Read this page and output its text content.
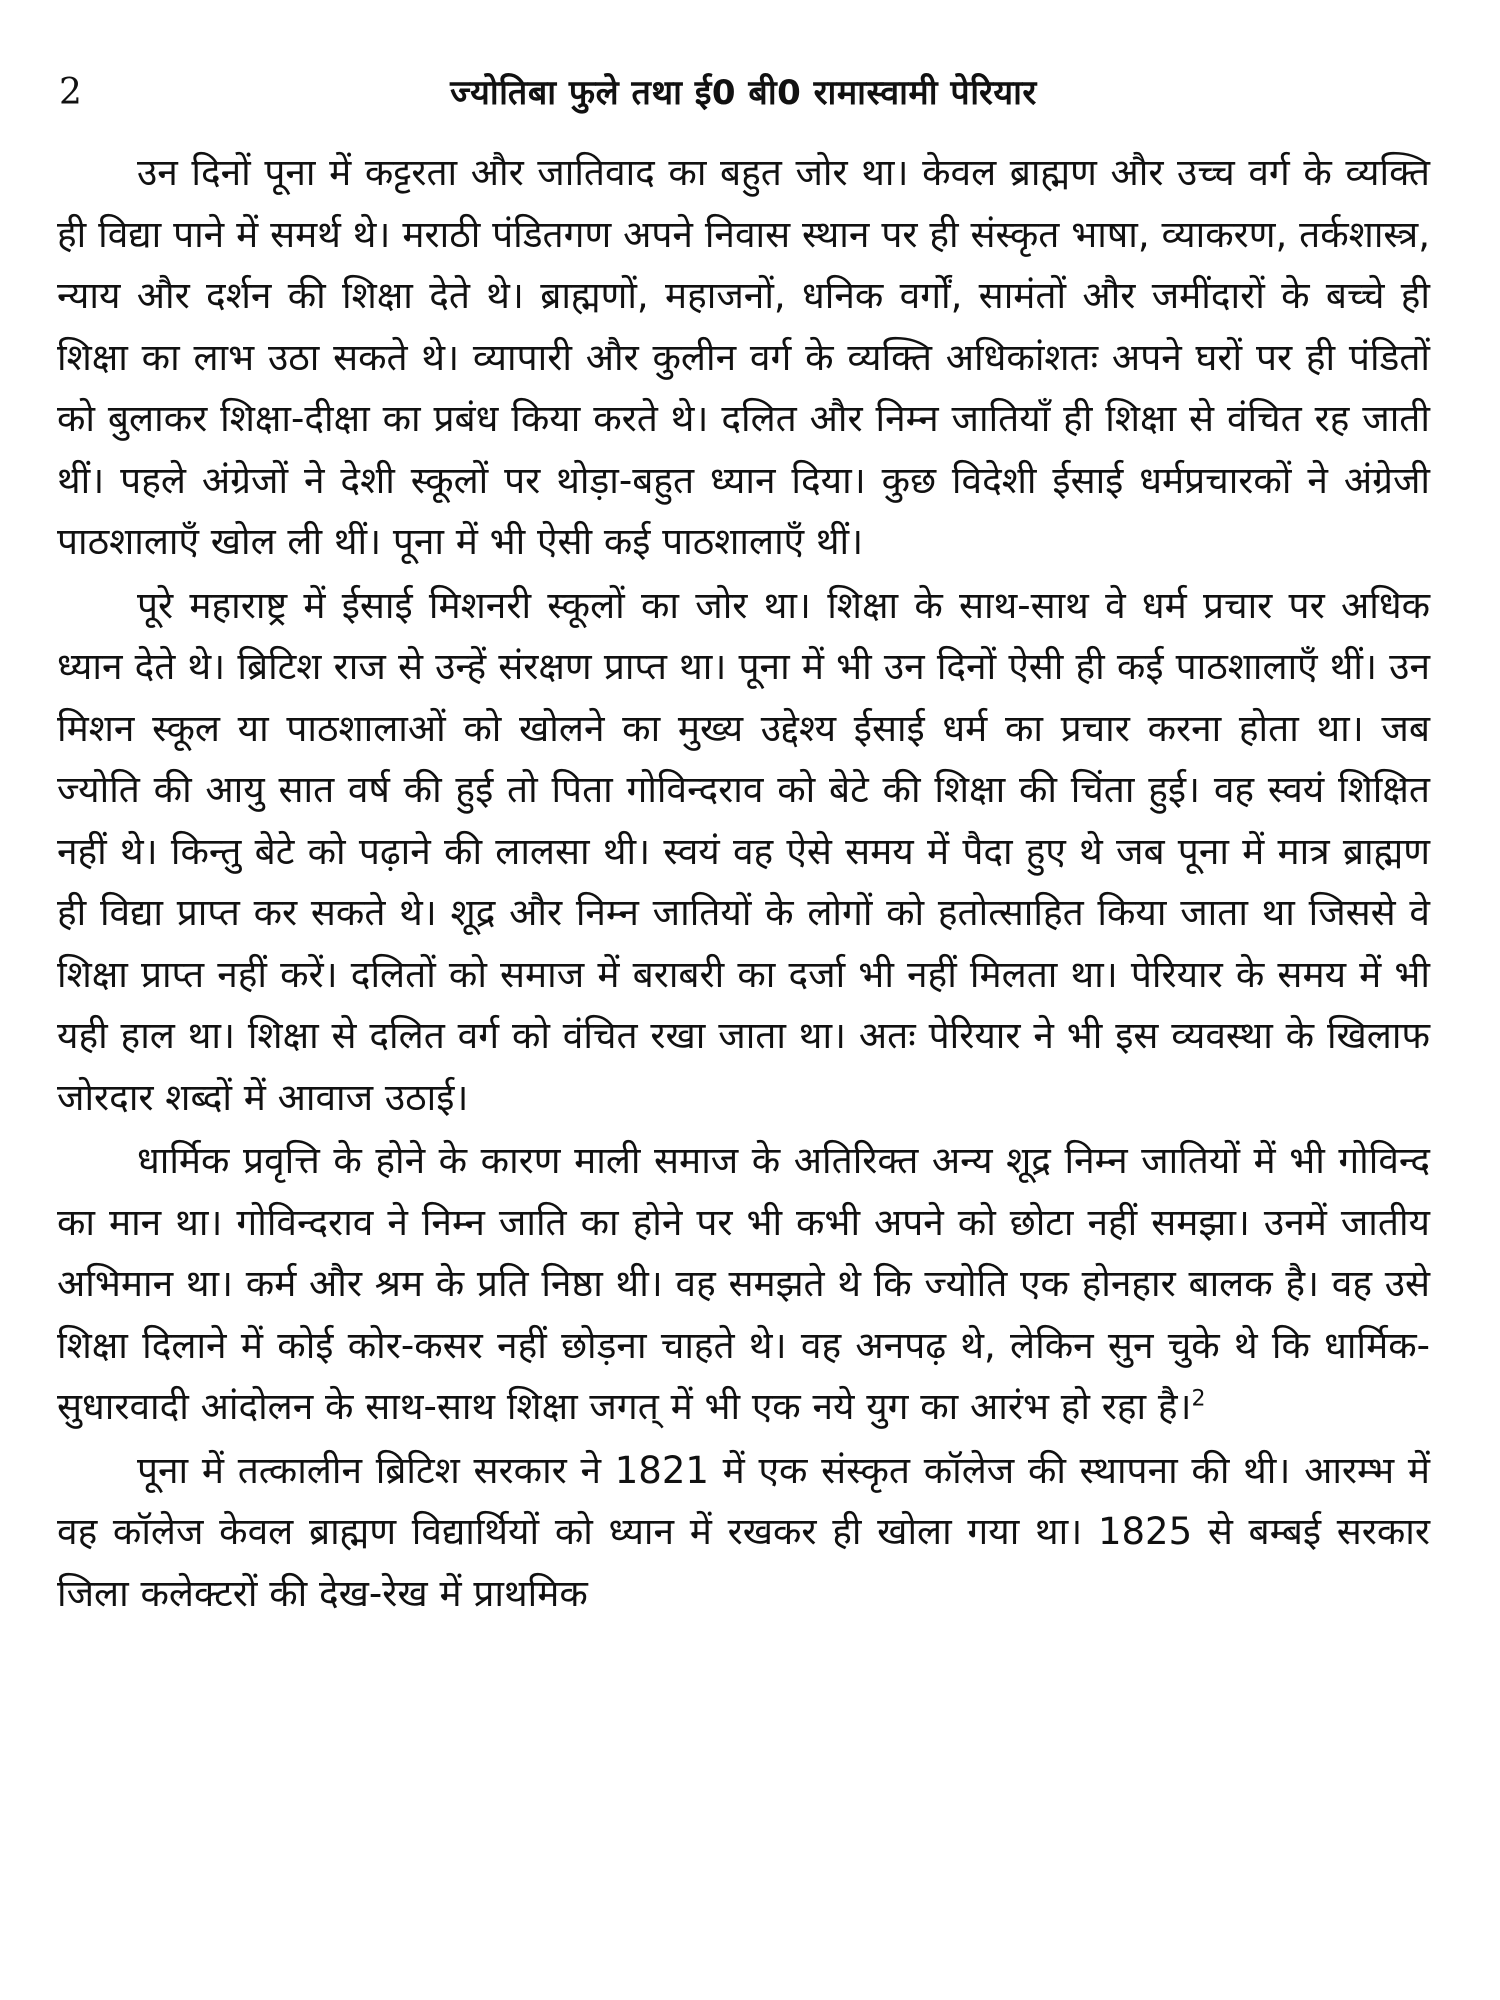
2	ज्योतिबा फुले तथा ई0 बी0 रामास्वामी पेरियार

उन दिनों पूना में कट्टरता और जातिवाद का बहुत जोर था। केवल ब्राह्मण और उच्च वर्ग के व्यक्ति ही विद्या पाने में समर्थ थे। मराठी पंडितगण अपने निवास स्थान पर ही संस्कृत भाषा, व्याकरण, तर्कशास्त्र, न्याय और दर्शन की शिक्षा देते थे। ब्राह्मणों, महाजनों, धनिक वर्गों, सामंतों और जमींदारों के बच्चे ही शिक्षा का लाभ उठा सकते थे। व्यापारी और कुलीन वर्ग के व्यक्ति अधिकांशतः अपने घरों पर ही पंडितों को बुलाकर शिक्षा-दीक्षा का प्रबंध किया करते थे। दलित और निम्न जातियाँ ही शिक्षा से वंचित रह जाती थीं। पहले अंग्रेजों ने देशी स्कूलों पर थोड़ा-बहुत ध्यान दिया। कुछ विदेशी ईसाई धर्मप्रचारकों ने अंग्रेजी पाठशालाएँ खोल ली थीं। पूना में भी ऐसी कई पाठशालाएँ थीं।

पूरे महाराष्ट्र में ईसाई मिशनरी स्कूलों का जोर था। शिक्षा के साथ-साथ वे धर्म प्रचार पर अधिक ध्यान देते थे। ब्रिटिश राज से उन्हें संरक्षण प्राप्त था। पूना में भी उन दिनों ऐसी ही कई पाठशालाएँ थीं। उन मिशन स्कूल या पाठशालाओं को खोलने का मुख्य उद्देश्य ईसाई धर्म का प्रचार करना होता था। जब ज्योति की आयु सात वर्ष की हुई तो पिता गोविन्दराव को बेटे की शिक्षा की चिंता हुई। वह स्वयं शिक्षित नहीं थे। किन्तु बेटे को पढ़ाने की लालसा थी। स्वयं वह ऐसे समय में पैदा हुए थे जब पूना में मात्र ब्राह्मण ही विद्या प्राप्त कर सकते थे। शूद्र और निम्न जातियों के लोगों को हतोत्साहित किया जाता था जिससे वे शिक्षा प्राप्त नहीं करें। दलितों को समाज में बराबरी का दर्जा भी नहीं मिलता था। पेरियार के समय में भी यही हाल था। शिक्षा से दलित वर्ग को वंचित रखा जाता था। अतः पेरियार ने भी इस व्यवस्था के खिलाफ जोरदार शब्दों में आवाज उठाई।

धार्मिक प्रवृत्ति के होने के कारण माली समाज के अतिरिक्त अन्य शूद्र निम्न जातियों में भी गोविन्द का मान था। गोविन्दराव ने निम्न जाति का होने पर भी कभी अपने को छोटा नहीं समझा। उनमें जातीय अभिमान था। कर्म और श्रम के प्रति निष्ठा थी। वह समझते थे कि ज्योति एक होनहार बालक है। वह उसे शिक्षा दिलाने में कोई कोर-कसर नहीं छोड़ना चाहते थे। वह अनपढ़ थे, लेकिन सुन चुके थे कि धार्मिक-सुधारवादी आंदोलन के साथ-साथ शिक्षा जगत् में भी एक नये युग का आरंभ हो रहा है।$^2$

पूना में तत्कालीन ब्रिटिश सरकार ने 1821 में एक संस्कृत कॉलेज की स्थापना की थी। आरम्भ में वह कॉलेज केवल ब्राह्मण विद्यार्थियों को ध्यान में रखकर ही खोला गया था। 1825 से बम्बई सरकार जिला कलेक्टरों की देख-रेख में प्राथमिक
